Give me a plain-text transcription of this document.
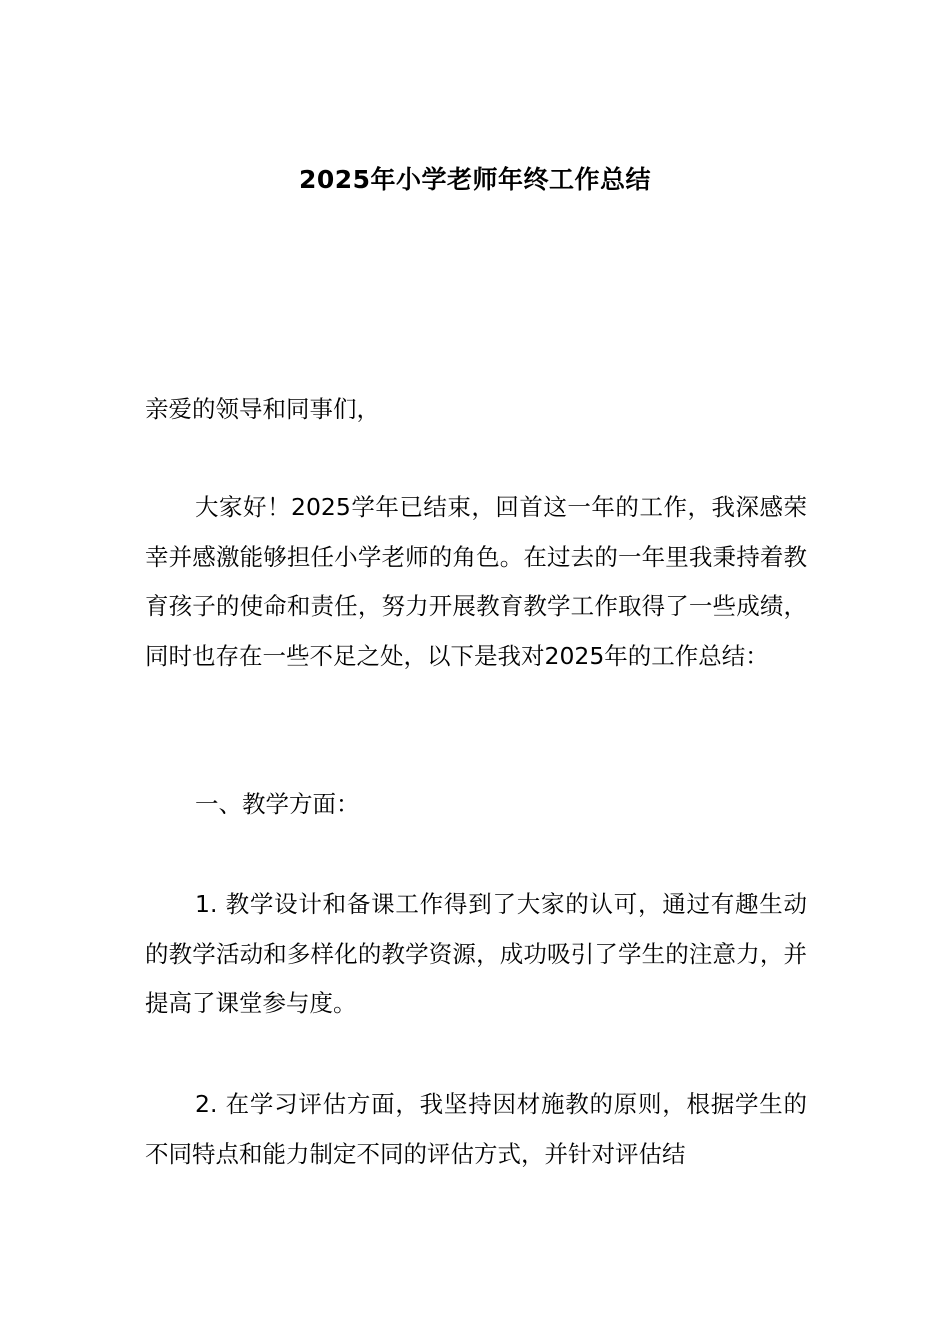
2025年小学老师年终工作总结

亲爱的领导和同事们，

大家好！2025学年已结束，回首这一年的工作，我深感荣幸并感激能够担任小学老师的角色。在过去的一年里我秉持着教育孩子的使命和责任，努力开展教育教学工作取得了一些成绩，同时也存在一些不足之处，以下是我对2025年的工作总结：

一、教学方面：

1. 教学设计和备课工作得到了大家的认可，通过有趣生动的教学活动和多样化的教学资源，成功吸引了学生的注意力，并提高了课堂参与度。

2. 在学习评估方面，我坚持因材施教的原则，根据学生的不同特点和能力制定不同的评估方式，并针对评估结
